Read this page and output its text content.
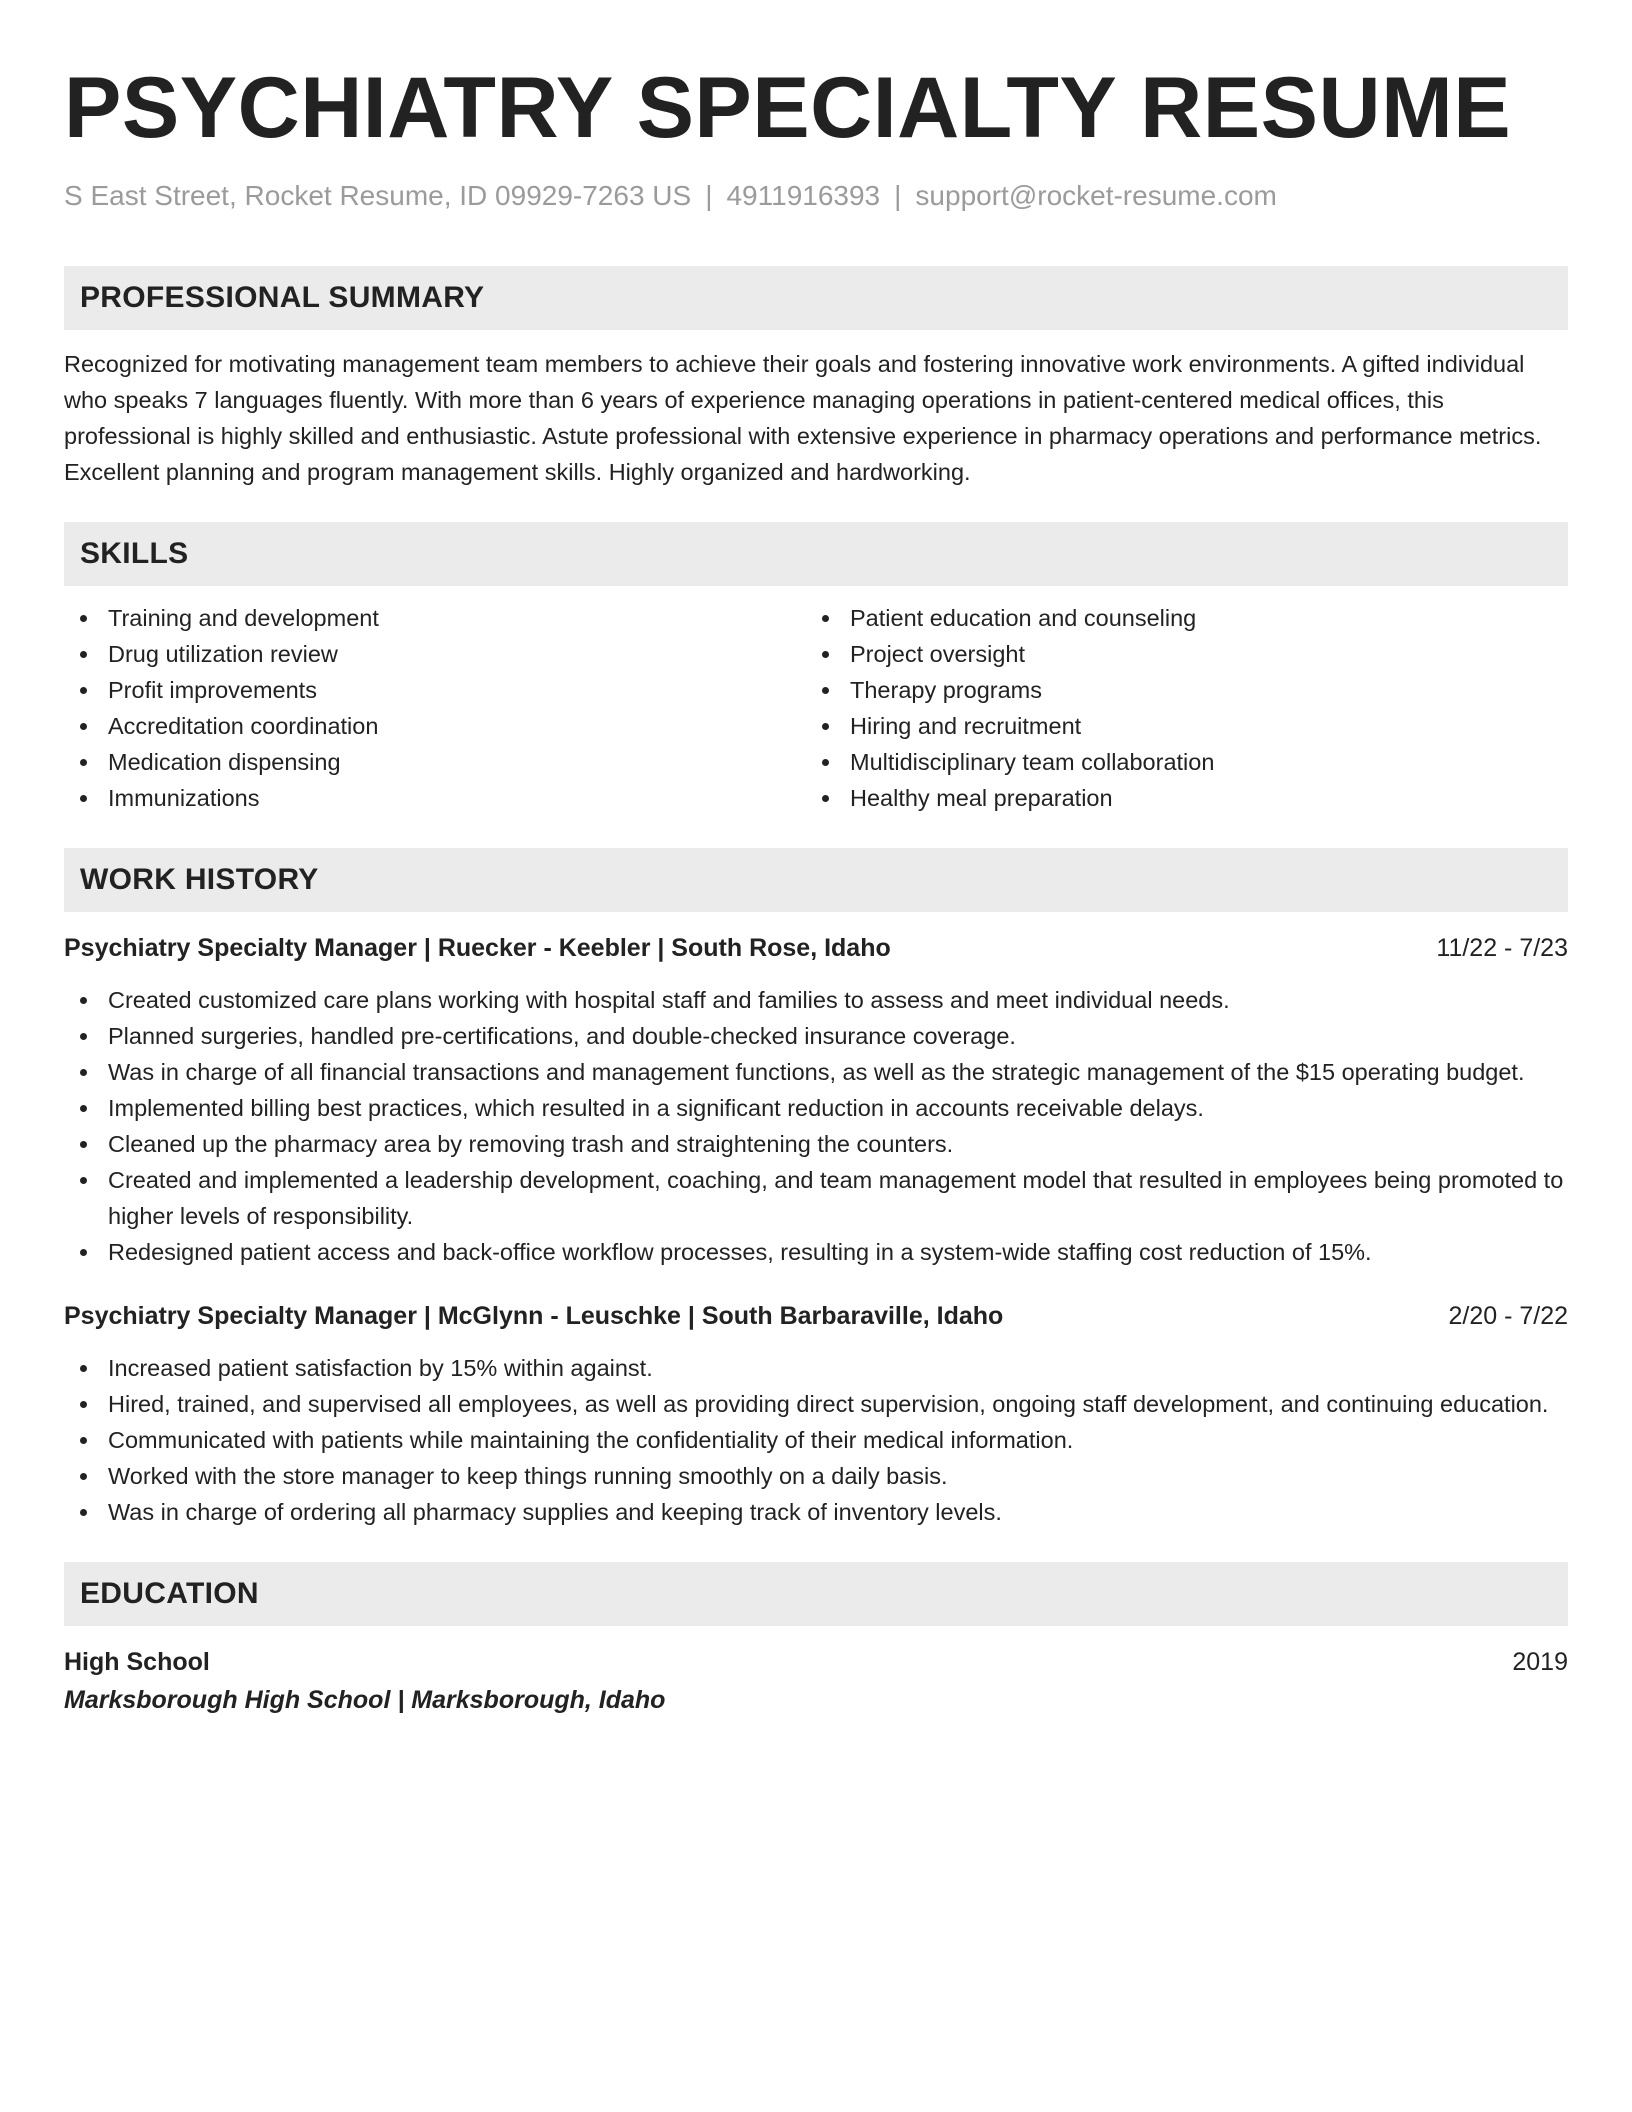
PSYCHIATRY SPECIALTY RESUME
S East Street, Rocket Resume, ID 09929-7263 US | 4911916393 | support@rocket-resume.com
PROFESSIONAL SUMMARY
Recognized for motivating management team members to achieve their goals and fostering innovative work environments. A gifted individual who speaks 7 languages fluently. With more than 6 years of experience managing operations in patient-centered medical offices, this professional is highly skilled and enthusiastic. Astute professional with extensive experience in pharmacy operations and performance metrics. Excellent planning and program management skills. Highly organized and hardworking.
SKILLS
Training and development
Drug utilization review
Profit improvements
Accreditation coordination
Medication dispensing
Immunizations
Patient education and counseling
Project oversight
Therapy programs
Hiring and recruitment
Multidisciplinary team collaboration
Healthy meal preparation
WORK HISTORY
Psychiatry Specialty Manager | Ruecker - Keebler | South Rose, Idaho	11/22 - 7/23
Created customized care plans working with hospital staff and families to assess and meet individual needs.
Planned surgeries, handled pre-certifications, and double-checked insurance coverage.
Was in charge of all financial transactions and management functions, as well as the strategic management of the $15 operating budget.
Implemented billing best practices, which resulted in a significant reduction in accounts receivable delays.
Cleaned up the pharmacy area by removing trash and straightening the counters.
Created and implemented a leadership development, coaching, and team management model that resulted in employees being promoted to higher levels of responsibility.
Redesigned patient access and back-office workflow processes, resulting in a system-wide staffing cost reduction of 15%.
Psychiatry Specialty Manager | McGlynn - Leuschke | South Barbaraville, Idaho	2/20 - 7/22
Increased patient satisfaction by 15% within against.
Hired, trained, and supervised all employees, as well as providing direct supervision, ongoing staff development, and continuing education.
Communicated with patients while maintaining the confidentiality of their medical information.
Worked with the store manager to keep things running smoothly on a daily basis.
Was in charge of ordering all pharmacy supplies and keeping track of inventory levels.
EDUCATION
High School	2019
Marksborough High School | Marksborough, Idaho
